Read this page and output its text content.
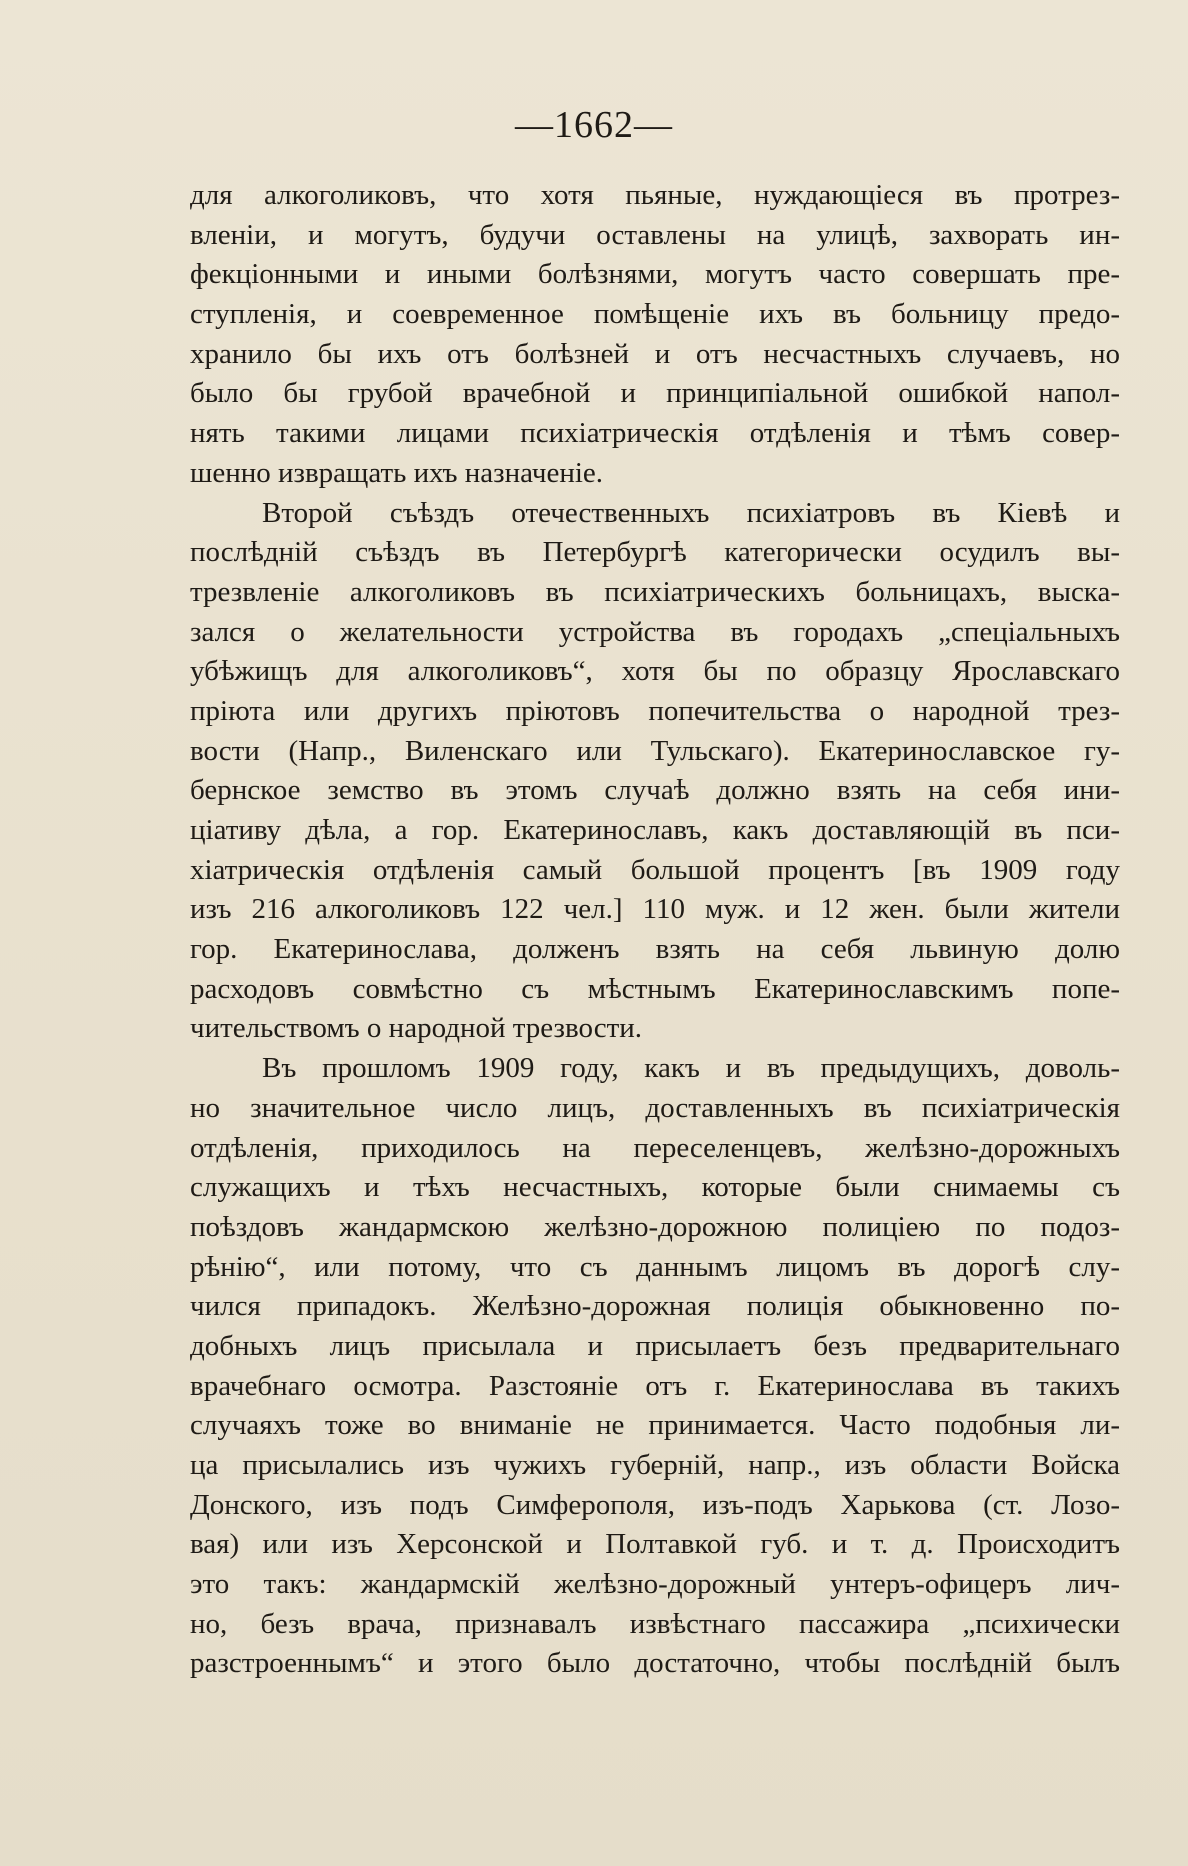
—1662—
для алкоголиковъ, что хотя пьяные, нуждающіеся въ протрез-
вленіи, и могутъ, будучи оставлены на улицѣ, захворать ин-
фекціонными и иными болѣзнями, могутъ часто совершать пре-
ступленія, и соевременное помѣщеніе ихъ въ больницу предо-
хранило бы ихъ отъ болѣзней и отъ несчастныхъ случаевъ, но
было бы грубой врачебной и принципіальной ошибкой напол-
нять такими лицами психіатрическія отдѣленія и тѣмъ совер-
шенно извращать ихъ назначеніе.
Второй съѣздъ отечественныхъ психіатровъ въ Кіевѣ и
послѣдній съѣздъ въ Петербургѣ категорически осудилъ вы-
трезвленіе алкоголиковъ въ психіатрическихъ больницахъ, выска-
зался о желательности устройства въ городахъ „спеціальныхъ
убѣжищъ для алкоголиковъ“, хотя бы по образцу Ярославскаго
пріюта или другихъ пріютовъ попечительства о народной трез-
вости (Напр., Виленскаго или Тульскаго). Екатеринославское гу-
бернское земство въ этомъ случаѣ должно взять на себя ини-
ціативу дѣла, а гор. Екатеринославъ, какъ доставляющій въ пси-
хіатрическія отдѣленія самый большой процентъ [въ 1909 году
изъ 216 алкоголиковъ 122 чел.] 110 муж. и 12 жен. были жители
гор. Екатеринослава, долженъ взять на себя львиную долю
расходовъ совмѣстно съ мѣстнымъ Екатеринославскимъ попе-
чительствомъ о народной трезвости.
Въ прошломъ 1909 году, какъ и въ предыдущихъ, доволь-
но значительное число лицъ, доставленныхъ въ психіатрическія
отдѣленія, приходилось на переселенцевъ, желѣзно-дорожныхъ
служащихъ и тѣхъ несчастныхъ, которые были снимаемы съ
поѣздовъ жандармскою желѣзно-дорожною полиціею по подоз-
рѣнію“, или потому, что съ даннымъ лицомъ въ дорогѣ слу-
чился припадокъ. Желѣзно-дорожная полиція обыкновенно по-
добныхъ лицъ присылала и присылаетъ безъ предварительнаго
врачебнаго осмотра. Разстояніе отъ г. Екатеринослава въ такихъ
случаяхъ тоже во вниманіе не принимается. Часто подобныя ли-
ца присылались изъ чужихъ губерній, напр., изъ области Войска
Донского, изъ подъ Симферополя, изъ-подъ Харькова (ст. Лозо-
вая) или изъ Херсонской и Полтавкой губ. и т. д. Происходитъ
это такъ: жандармскій желѣзно-дорожный унтеръ-офицеръ лич-
но, безъ врача, признавалъ извѣстнаго пассажира „психически
разстроеннымъ“ и этого было достаточно, чтобы послѣдній былъ
